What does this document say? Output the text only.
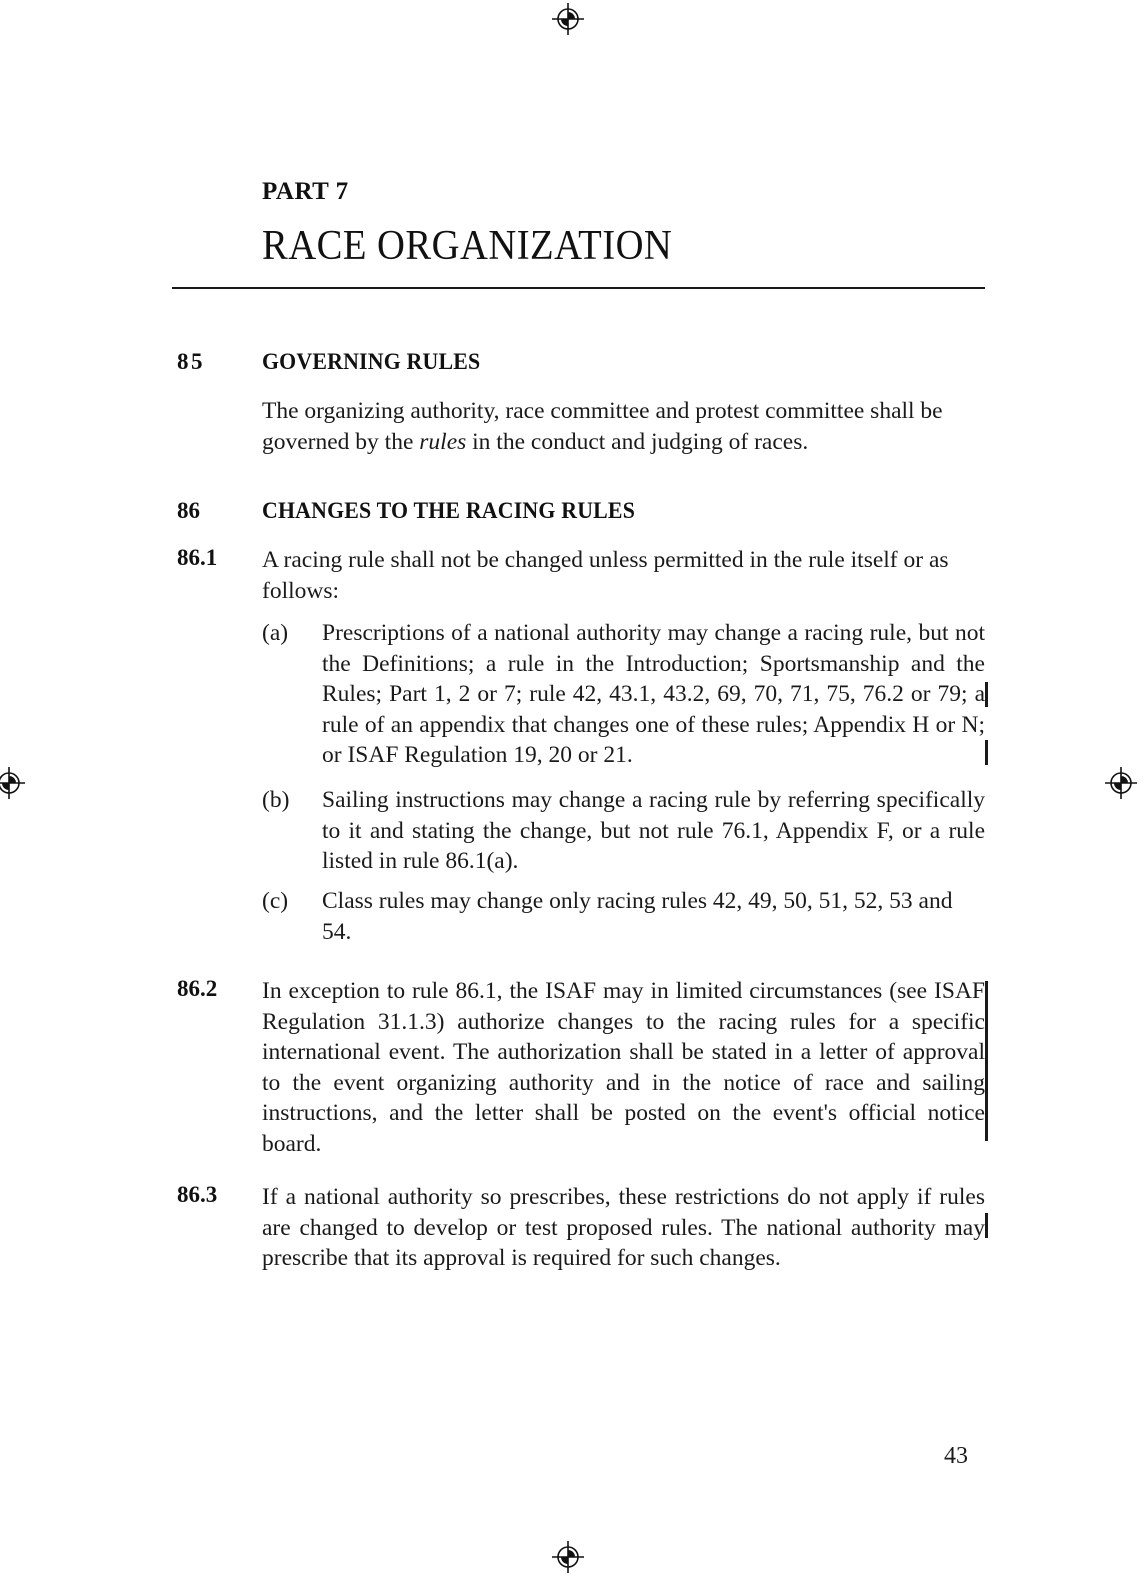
PART 7
RACE ORGANIZATION
85 GOVERNING RULES
The organizing authority, race committee and protest committee shall be governed by the rules in the conduct and judging of races.
86	CHANGES TO THE RACING RULES
86.1 A racing rule shall not be changed unless permitted in the rule itself or as follows:
(a) Prescriptions of a national authority may change a racing rule, but not the Definitions; a rule in the Introduction; Sportsmanship and the Rules; Part 1, 2 or 7; rule 42, 43.1, 43.2, 69, 70, 71, 75, 76.2 or 79; a rule of an appendix that changes one of these rules; Appendix H or N; or ISAF Regulation 19, 20 or 21.
(b) Sailing instructions may change a racing rule by referring specifically to it and stating the change, but not rule 76.1, Appendix F, or a rule listed in rule 86.1(a).
(c) Class rules may change only racing rules 42, 49, 50, 51, 52, 53 and 54.
86.2 In exception to rule 86.1, the ISAF may in limited circumstances (see ISAF Regulation 31.1.3) authorize changes to the racing rules for a specific international event. The authorization shall be stated in a letter of approval to the event organizing authority and in the notice of race and sailing instructions, and the letter shall be posted on the event's official notice board.
86.3 If a national authority so prescribes, these restrictions do not apply if rules are changed to develop or test proposed rules. The national authority may prescribe that its approval is required for such changes.
43
